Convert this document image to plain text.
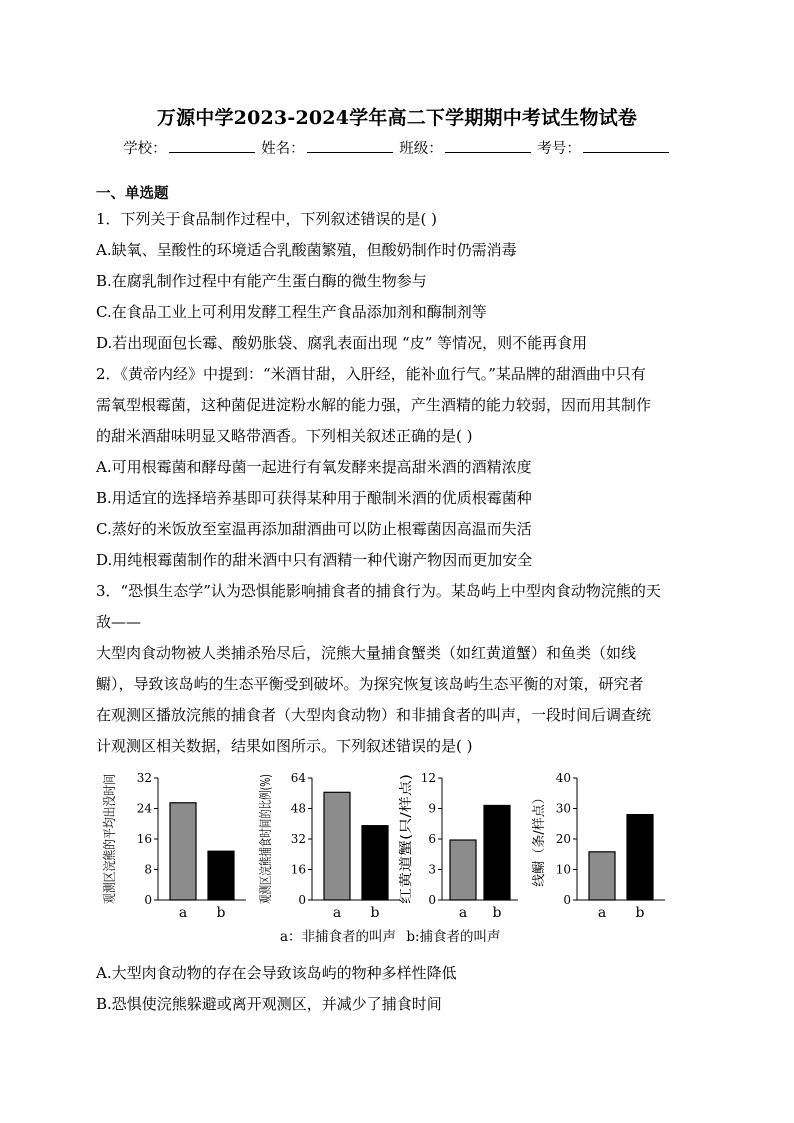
万源中学2023-2024学年高二下学期期中考试生物试卷
学校：	姓名：	班级：	考号：
一、单选题
1．下列关于食品制作过程中，下列叙述错误的是( )
A.缺氧、呈酸性的环境适合乳酸菌繁殖，但酸奶制作时仍需消毒
B.在腐乳制作过程中有能产生蛋白酶的微生物参与
C.在食品工业上可利用发酵工程生产食品添加剂和酶制剂等
D.若出现面包长霉、酸奶胀袋、腐乳表面出现 “皮” 等情况，则不能再食用
2．《黄帝内经》中提到：“米酒甘甜，入肝经，能补血行气。”某品牌的甜酒曲中只有
需氧型根霉菌，这种菌促进淀粉水解的能力强，产生酒精的能力较弱，因而用其制作
的甜米酒甜味明显又略带酒香。下列相关叙述正确的是( )
A.可用根霉菌和酵母菌一起进行有氧发酵来提高甜米酒的酒精浓度
B.用适宜的选择培养基即可获得某种用于酿制米酒的优质根霉菌种
C.蒸好的米饭放至室温再添加甜酒曲可以防止根霉菌因高温而失活
D.用纯根霉菌制作的甜米酒中只有酒精一种代谢产物因而更加安全
3．“恐惧生态学”认为恐惧能影响捕食者的捕食行为。某岛屿上中型肉食动物浣熊的天
敌——
大型肉食动物被人类捕杀殆尽后，浣熊大量捕食蟹类（如红黄道蟹）和鱼类（如线
鳚），导致该岛屿的生态平衡受到破坏。为探究恢复该岛屿生态平衡的对策，研究者
在观测区播放浣熊的捕食者（大型肉食动物）和非捕食者的叫声，一段时间后调查统
计观测区相关数据，结果如图所示。下列叙述错误的是( )
观测区浣熊的平均出没时间 0
8
16
24
32
a b
观测区浣熊捕食时间的比例(%) 0
16
32
48
64
a b
红黄道蟹(只/样点) 0
3
6
9
12
a b
线鳚（条/样点）
0
10
20
30
40
a b
a：非捕食者的叫声 b:捕食者的叫声
A.大型肉食动物的存在会导致该岛屿的物种多样性降低
B.恐惧使浣熊躲避或离开观测区，并减少了捕食时间
